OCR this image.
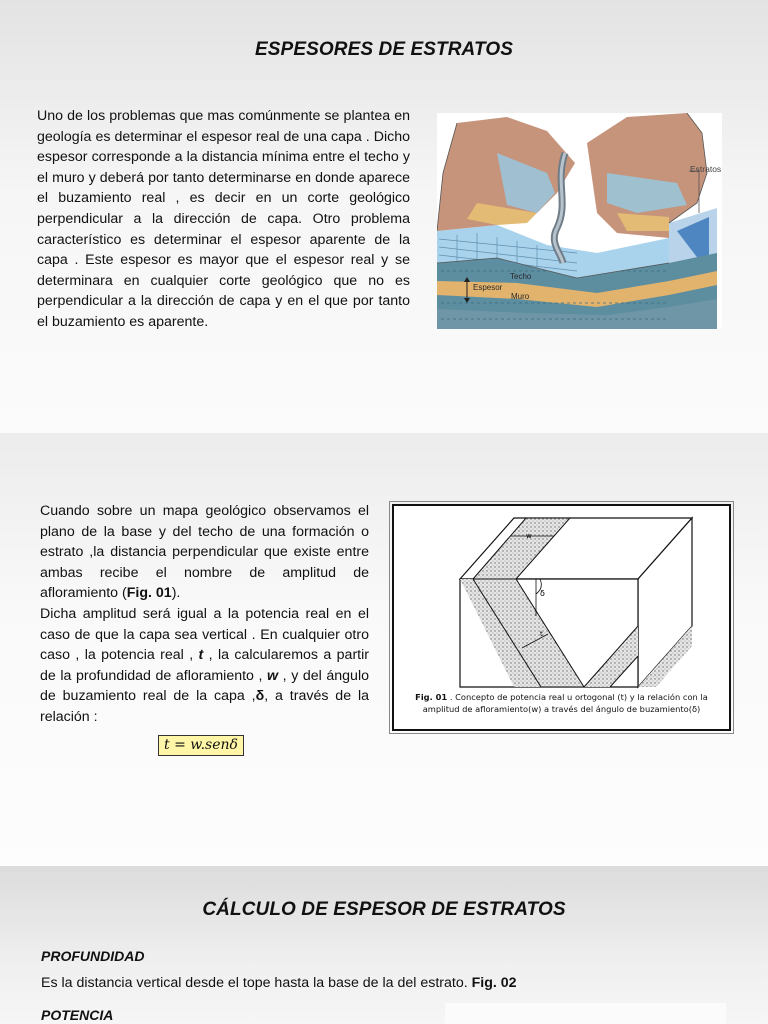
ESPESORES DE ESTRATOS

Uno de los problemas que mas comúnmente se plantea en geología es determinar el espesor real de una capa . Dicho espesor corresponde a la distancia mínima entre el techo y el muro y deberá por tanto determinarse en donde aparece el buzamiento real , es decir en un corte geológico perpendicular a la dirección de capa. Otro problema característico es determinar el espesor aparente de la capa . Este espesor es mayor que el espesor real y se determinara en cualquier corte geológico que no es perpendicular a la dirección de capa y en el que por tanto el buzamiento es aparente.

Estratos
Techo
Espesor
Muro

Cuando sobre un mapa geológico observamos el plano de la base y del techo de una formación o estrato ,la distancia perpendicular que existe entre ambas recibe el nombre de amplitud de afloramiento (Fig. 01).
Dicha amplitud será igual a la potencia real en el caso de que la capa sea vertical . En cualquier otro caso , la potencia real , t , la calcularemos a partir de la profundidad de afloramiento , w , y del ángulo de buzamiento real de la capa ,δ, a través de la relación :

t = w.senδ
w
δ
t
Fig. 01 . Concepto de potencia real u ortogonal (t) y la relación con la amplitud de afloramiento(w) a través del ángulo de buzamiento(δ)
CÁLCULO DE ESPESOR DE ESTRATOS
PROFUNDIDAD
Es la distancia vertical desde el tope hasta la base de la del estrato. Fig. 02
POTENCIA
